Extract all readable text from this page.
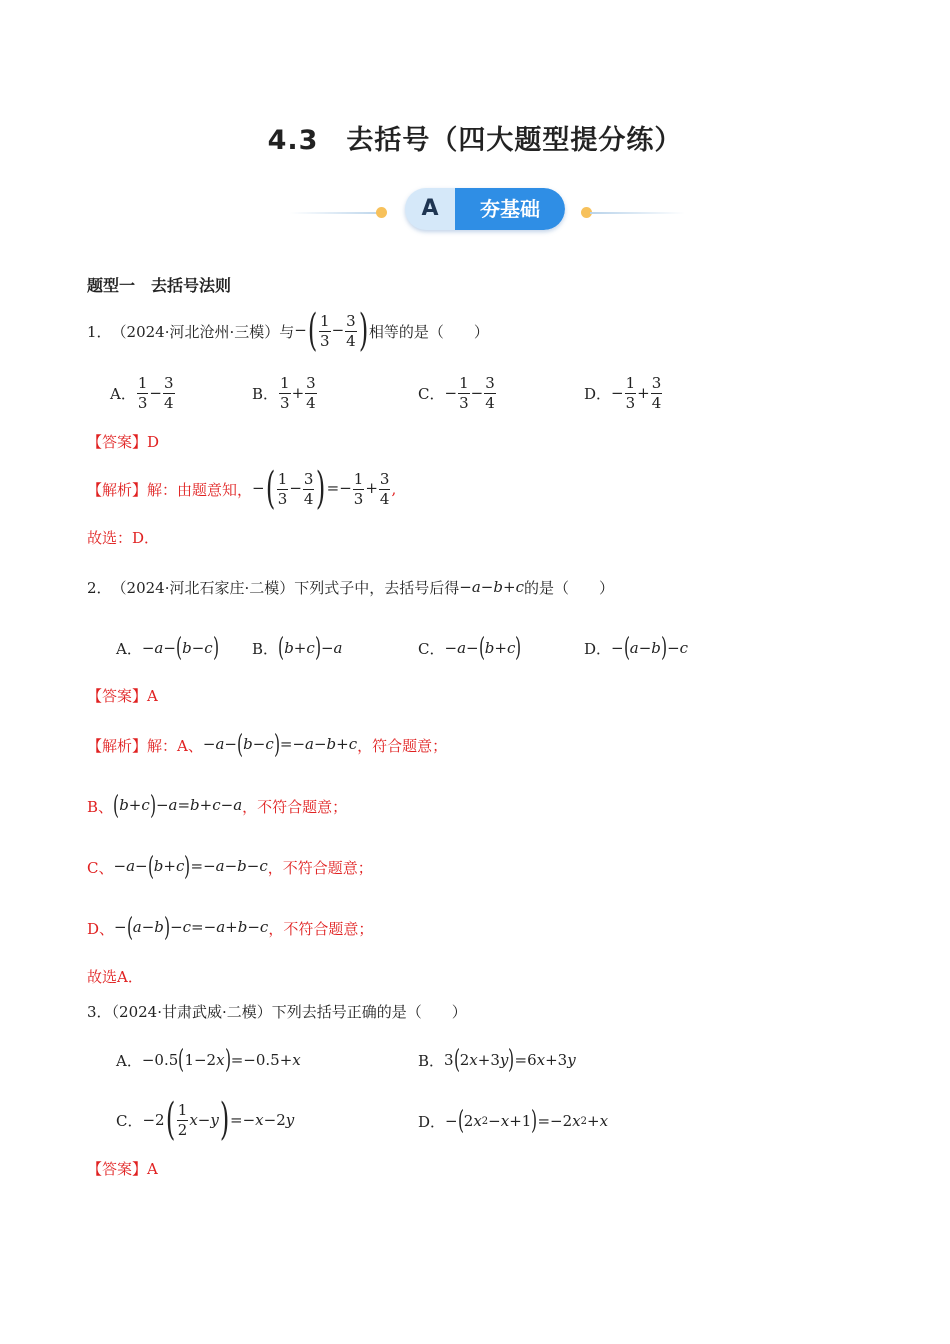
4.3　去括号（四大题型提分练）
A	夯基础
题型一　去括号法则
1． （2024·河北沧州·三模）与 −( $\frac{1}{3} - \frac{3}{4}$ ) 相等的是（　　）
A． $\frac{1}{3} - \frac{3}{4}$	B． $\frac{1}{3} + \frac{3}{4}$	C． − $\frac{1}{3} - \frac{3}{4}$	D． − $\frac{1}{3} + \frac{3}{4}$
【答案】D
【解析】 解：由题意知， −( $\frac{1}{3} - \frac{3}{4}$ )=− $\frac{1}{3} + \frac{3}{4}$ ,
故选：D．
2． （2024·河北石家庄·二模）下列式子中，去括号后得 −a−b+c 的是（　　）
A． − a − ( b − c ) B． ( b + c ) − a	C． − a − ( b + c )	D． − ( a − b ) − c
【答案】A
【解析】 解：A、 −a−(b−c)=−a−b+c ，符合题意；
B、 (b+c)−a=b+c−a ，不符合题意；
C、 −a−(b+c)=−a−b−c ，不符合题意；
D、 −(a−b)−c=−a+b−c ，不符合题意；
故选A．
3．（2024·甘肃武威·二模）下列去括号正确的是（　　）
A． −0.5 ( 1−2 x ) =−0.5+ x	B． 3 ( 2 x +3 y ) =6 x +3 y
C． −2 ( $\frac{1}{2}$ x − y ) =− x −2 y	D． − ( 2 x 2 − x +1 ) =−2 x 2 + x
【答案】A
